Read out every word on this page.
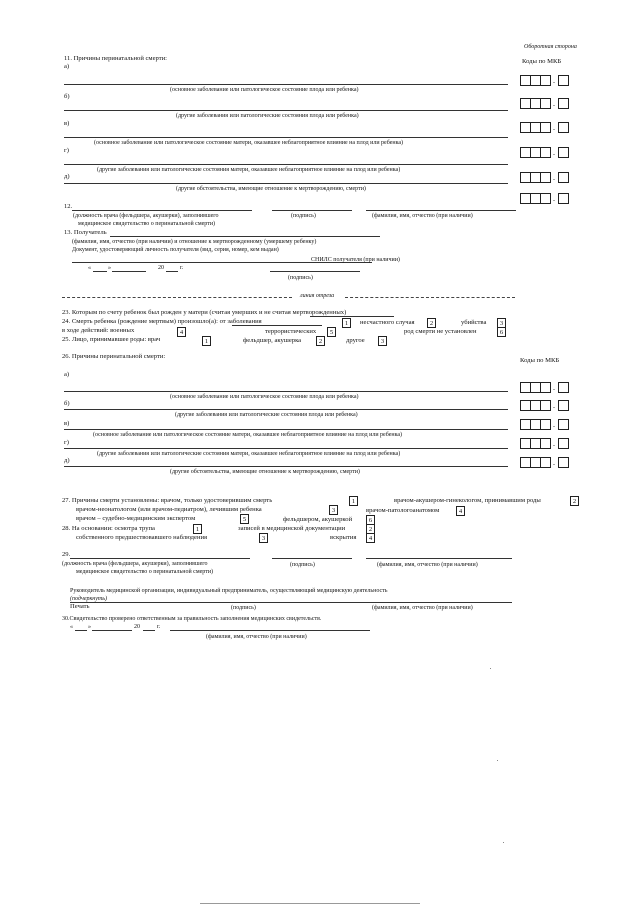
Оборотная сторона
Коды по МКБ
11. Причины перинатальной смерти:
а)
(основное заболевание или патологическое состояние плода или ребенка)
б)
(другие заболевания или патологические состояния плода или ребенка)
в)
(основное заболевание или патологическое состояние матери, оказавшее неблагоприятное влияние на плод или ребенка)
г)
(другие заболевания или патологические состояния матери, оказавшее неблагоприятное влияние на плод или ребенка)
д)
(другие обстоятельства, имеющие отношение к мертворождению, смерти)
.
.
.
.
.
.
12.
(должность врача (фельдшера, акушерки), заполнившего
медицинское свидетельство о перинатальной смерти)
(подпись)	(фамилия, имя, отчество (при наличии)
13. Получатель
(фамилия, имя, отчество (при наличии) и отношение к мертворожденному (умершему ребенку)
Документ, удостоверяющий личность получателя (вид, серия, номер, кем выдан)
СНИЛС получателя (при наличии)
«	»	20	г.
(подпись)
линия отреза
23. Которым по счету ребенок был рожден у матери (считая умерших и не считая мертворожденных)
24. Смерть ребенка (рождение мертвым) произошло(а): от заболевания	1	несчастного случая	2	убийства	3
в ходе действий: военных	4	террористических	5	род смерти не установлен	6
25. Лицо, принимавшее роды: врач	1	фельдшер, акушерка	2	другое	3
26. Причины перинатальной смерти:
Коды по МКБ
а)
(основное заболевание или патологическое состояние плода или ребенка)
б)
(другие заболевания или патологические состояния плода или ребенка)
в)
(основное заболевание или патологическое состояние матери, оказавшее неблагоприятное влияние на плод или ребенка)
г)
(другие заболевания или патологические состояния матери, оказавшее неблагоприятное влияние на плод или ребенка)
д)
(другие обстоятельства, имеющие отношение к мертворождению, смерти)
.
.
.
.
.
27. Причины смерти установлены: врачом, только удостоверившим смерть	1	врачом-акушером-гинекологом, принимавшим роды	2
врачом-неонатологом (или врачом-педиатром), лечившим ребенка	3	врачом-патологоанатомом	4
врачом – судебно-медицинским экспертом	5	фельдшером, акушеркой	6
28. На основании: осмотра трупа	1	записей в медицинской документации	2
собственного предшествовавшего наблюдения	3	вскрытия	4
29.
(должность врача (фельдшера, акушерки), заполнившего
медицинское свидетельство о перинатальной смерти)
(подпись)	(фамилия, имя, отчество (при наличии)
Руководитель медицинской организации, индивидуальный предприниматель, осуществляющий медицинскую деятельность
(подчеркнуть)
Печать	(подпись)	(фамилия, имя, отчество (при наличии)
30.Свидетельство проверено ответственным за правильность заполнения медицинских свидетельств.
«	»	20	г.
(фамилия, имя, отчество (при наличии)
